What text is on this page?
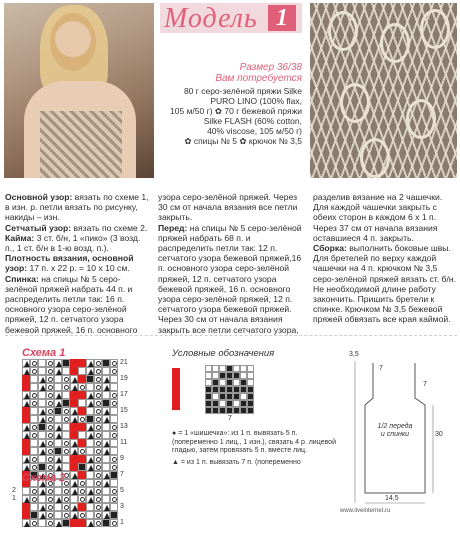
Модель 1
Размер 36/38
Вам потребуется
80 г серо-зелёной пряжи Silke
PURO LINO (100% flax,
105 м/50 г) ✿ 70 г бежевой пряжи
Silke FLASH (60% cotton,
40% viscose, 105 м/50 г)
✿ спицы № 5 ✿ крючок № 3,5

Основной узор: вязать по схеме 1, в изн. р. петли вязать по рисунку, накиды – изн.

Сетчатый узор: вязать по схеме 2.

Кайма: 3 ст. б/н, 1 «пико» (3 возд. п., 1 ст. б/н в 1-ю возд. п.).

Плотность вязания, основной узор: 17 п. х 22 р. = 10 х 10 см.

Спинка: на спицы № 5 серо-зелёной пряжей набрать 44 п. и распределить петли так: 16 п. основного узора серо-зелёной пряжей, 12 п. сетчатого узора бежевой пряжей, 16 п. основного

узора серо-зелёной пряжей. Через 30 см от начала вязания все петли закрыть.

Перед: на спицы № 5 серо-зелёной пряжей набрать 68 п. и распределить петли так: 12 п. сетчатого узора бежевой пряжей,16 п. основного узора серо-зелёной пряжей, 12 п. сетчатого узора бежевой пряжей, 16 п. основного узора серо-зелёной пряжей, 12 п. сетчатого узора бежевой пряжей. Через 30 см от начала вязания закрыть все петли сетчатого узора,

разделив вязание на 2 чашечки. Для каждой чашечки закрыть с обеих сторон в каждом 6 х 1 п. Через 37 см от начала вязания оставшиеся 4 п. закрыть.

Сборка: выполнить боковые швы. Для бретелей по верху каждой чашечки на 4 п. крючком № 3,5 серо-зелёной пряжей вязать ст. б/н. Не необходимой длине работу закончить. Пришить бретели к спинке. Крючком № 3,5 бежевой пряжей обвязать все края каймой.

Схема 1
21
19
17
15
13
11
9
7
5
3
1
Схема 2
2
1
Условные обозначения
7
● = 1 «шишечка»: из 1 п. вывязать 5 п. (попеременно 1 лиц., 1 изн.), связать 4 р. лицевой гладью, затем провязать 5 п. вместе лиц.
▲ = из 1 п. вывязать 7 п. (попеременно
3,5
7
7
30
1/2 переда и спинки
14,5
www.liveinternet.ru
